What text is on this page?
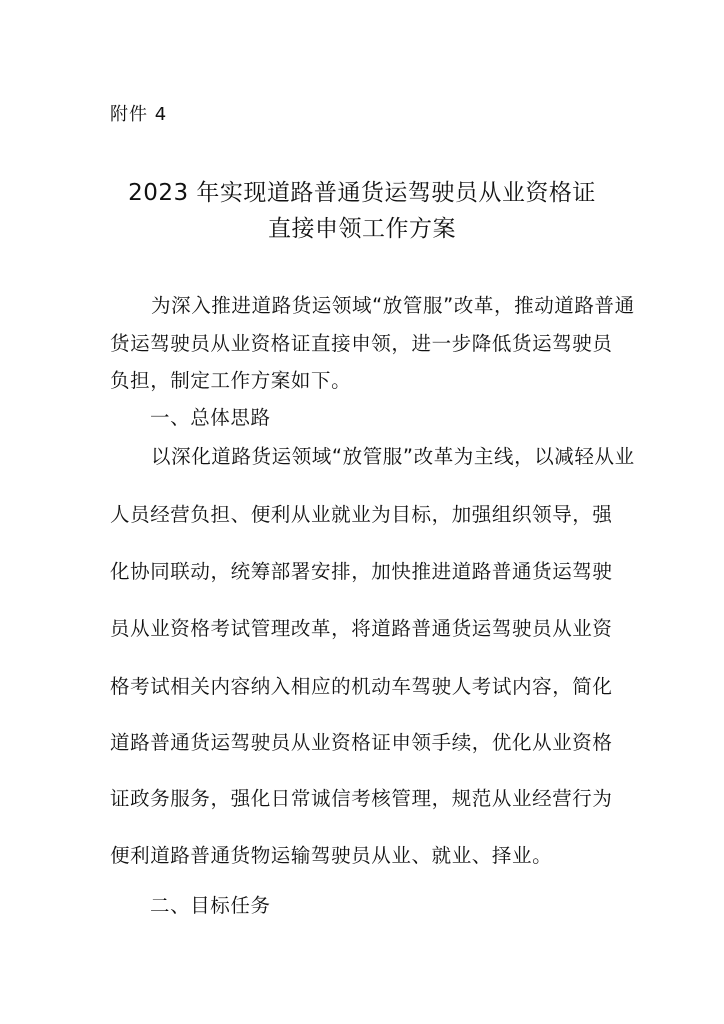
附件 4
2023 年实现道路普通货运驾驶员从业资格证
直接申领工作方案
为深入推进道路货运领域“放管服”改革，推动道路普通
货运驾驶员从业资格证直接申领，进一步降低货运驾驶员
负担，制定工作方案如下。
一、总体思路
以深化道路货运领域“放管服”改革为主线，以减轻从业
人员经营负担、便利从业就业为目标，加强组织领导，强
化协同联动，统筹部署安排，加快推进道路普通货运驾驶
员从业资格考试管理改革，将道路普通货运驾驶员从业资
格考试相关内容纳入相应的机动车驾驶人考试内容，简化
道路普通货运驾驶员从业资格证申领手续，优化从业资格
证政务服务，强化日常诚信考核管理，规范从业经营行为
便利道路普通货物运输驾驶员从业、就业、择业。
二、目标任务
